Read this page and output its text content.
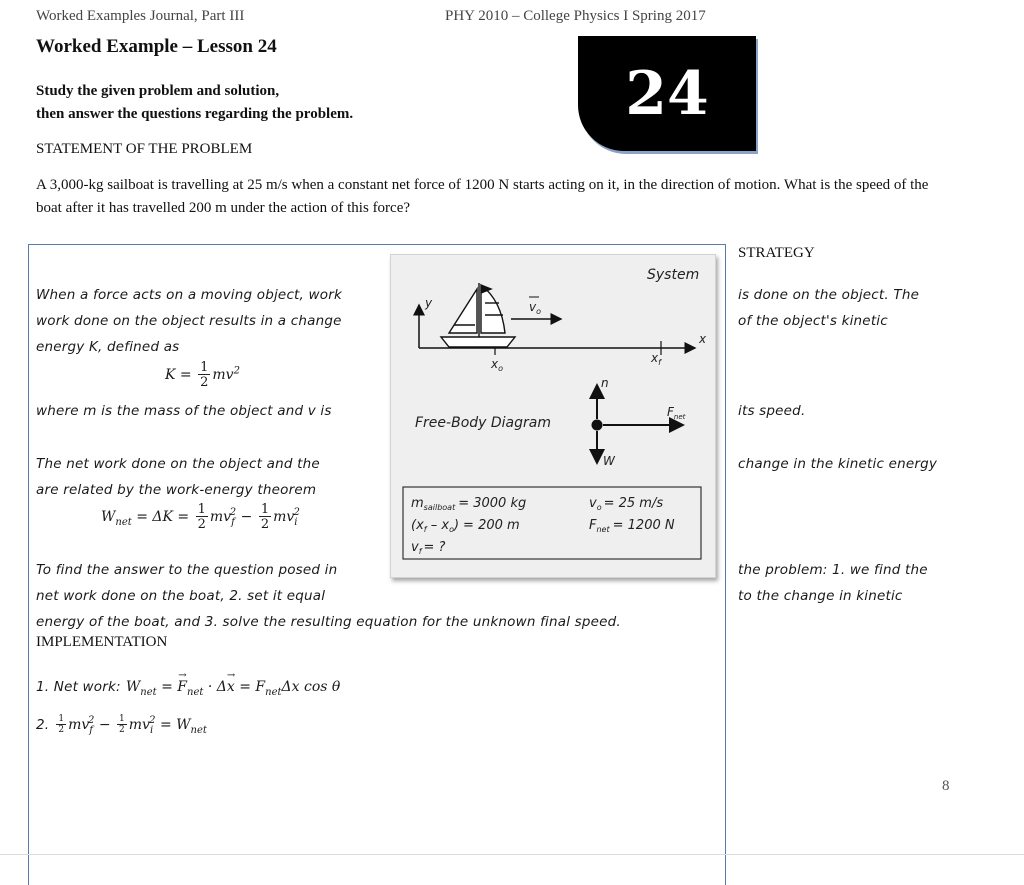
Worked Examples Journal, Part III	PHY 2010 – College Physics I Spring 2017
Worked Example – Lesson 24
24
Study the given problem and solution,
then answer the questions regarding the problem.
STATEMENT OF THE PROBLEM
A 3,000-kg sailboat is travelling at 25 m/s when a constant net force of 1200 N starts acting on it, in the direction of motion. What is the speed of the boat after it has travelled 200 m under the action of this force?
STRATEGY
When a force acts on a moving object, work
work done on the object results in a change
energy K, defined as
where m is the mass of the object and v is
The net work done on the object and the
are related by the work-energy theorem
To find the answer to the question posed in
net work done on the boat, 2. set it equal
energy of the boat, and 3. solve the resulting equation for the unknown final speed.
is done on the object. The
of the object's kinetic
its speed.
change in the kinetic energy
the problem: 1. we find the
to the change in kinetic
$K = \frac{1}{2} mv^2$
$W_{net} = \Delta K = \frac{1}{2} mv_f^2 - \frac{1}{2} mv_i^2$
IMPLEMENTATION
1. Net work: $W_{net} = F$
→
$_{net}$ · Δx
→
= $F_{net}\Delta x$ cos θ
2. $\frac{1}{2} mv_f^2 - \frac{1}{2} mv_i^2 = W_{net}$
System
y
x
$x_o$
$x_f$
$v_o$
Free-Body Diagram
n
W
$F_{net}$
$m_{sailboat} = 3000$ kg
$(x_f - x_o) = 200$ m
$v_f$ = ?
$v_o = 25$ m/s
$F_{net} = 1200$ N
8
